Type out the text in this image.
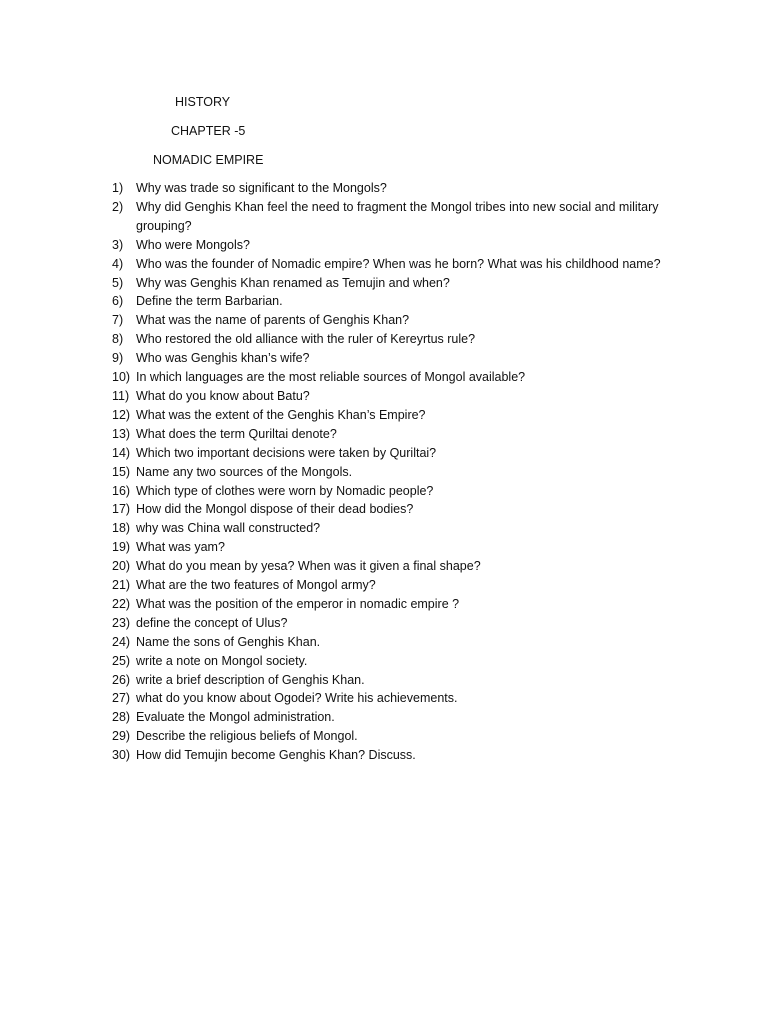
HISTORY
CHAPTER -5
NOMADIC EMPIRE
1)	Why was trade so significant to the Mongols?
2)	Why did Genghis Khan feel the need to fragment the Mongol tribes into new social and military grouping?
3)	Who were Mongols?
4)	Who was the founder of Nomadic empire? When was he born? What was his childhood name?
5)	Why was Genghis Khan renamed as Temujin and when?
6)	Define the term Barbarian.
7)	What was the name of parents of Genghis Khan?
8)	Who restored the old alliance with the ruler of Kereyrtus rule?
9)	Who was Genghis khan’s wife?
10) In which languages are the most reliable sources of Mongol available?
11) What do you know about Batu?
12) What was the extent of the Genghis Khan’s Empire?
13) What does the term Quriltai denote?
14) Which two important decisions were taken by Quriltai?
15) Name any two sources of the Mongols.
16) Which type of clothes were worn by Nomadic people?
17) How did the Mongol dispose of their dead bodies?
18) why was China wall constructed?
19) What was yam?
20) What do you mean by yesa? When was it given a final shape?
21) What are the two features of Mongol army?
22) What was the position of the emperor in nomadic empire ?
23) define the concept of Ulus?
24) Name the sons of Genghis Khan.
25) write a note on Mongol society.
26) write a brief description of Genghis Khan.
27) what do you know about Ogodei? Write his achievements.
28) Evaluate the Mongol administration.
29) Describe the religious beliefs of Mongol.
30) How did Temujin become Genghis Khan? Discuss.
